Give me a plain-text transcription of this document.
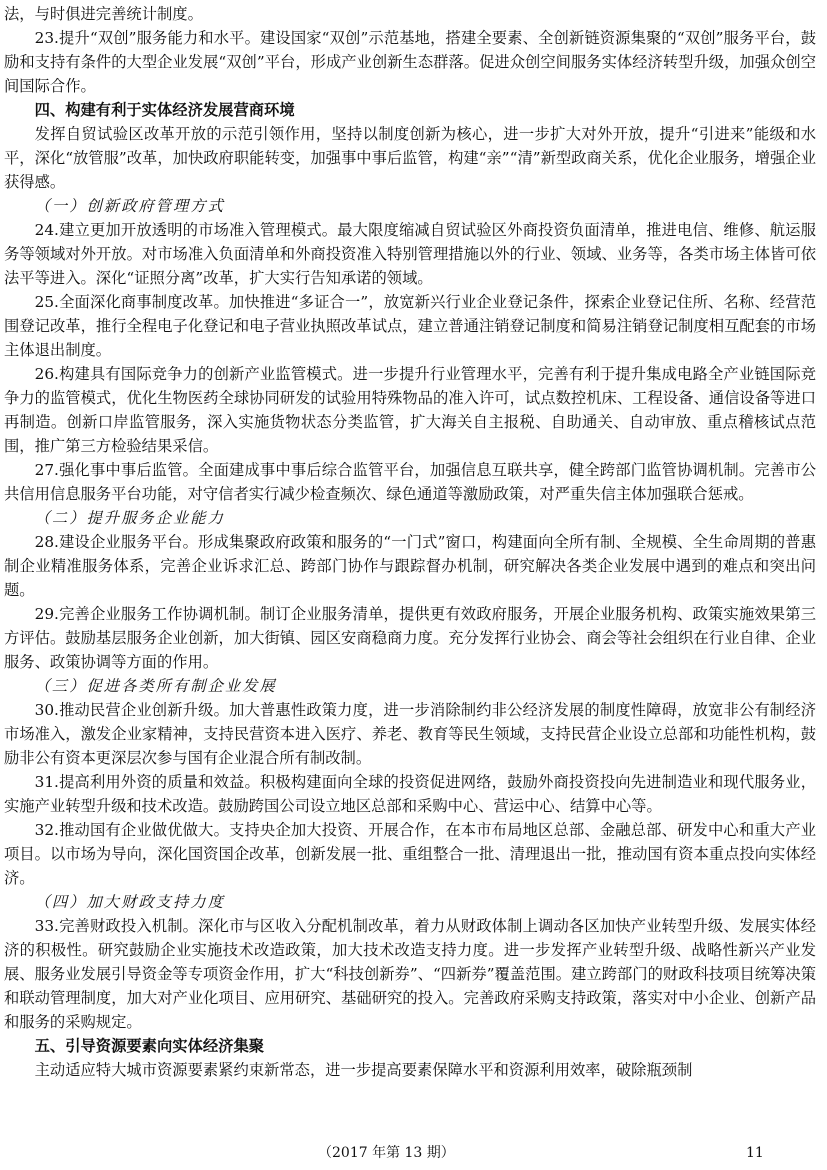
法，与时俱进完善统计制度。

23.提升“双创”服务能力和水平。建设国家“双创”示范基地，搭建全要素、全创新链资源集聚的“双创”服务平台，鼓励和支持有条件的大型企业发展“双创”平台，形成产业创新生态群落。促进众创空间服务实体经济转型升级，加强众创空间国际合作。

四、构建有利于实体经济发展营商环境

发挥自贸试验区改革开放的示范引领作用，坚持以制度创新为核心，进一步扩大对外开放，提升“引进来”能级和水平，深化“放管服”改革，加快政府职能转变，加强事中事后监管，构建“亲”“清”新型政商关系，优化企业服务，增强企业获得感。

（一）创新政府管理方式

24.建立更加开放透明的市场准入管理模式。最大限度缩减自贸试验区外商投资负面清单，推进电信、维修、航运服务等领域对外开放。对市场准入负面清单和外商投资准入特别管理措施以外的行业、领域、业务等，各类市场主体皆可依法平等进入。深化“证照分离”改革，扩大实行告知承诺的领域。

25.全面深化商事制度改革。加快推进“多证合一”，放宽新兴行业企业登记条件，探索企业登记住所、名称、经营范围登记改革，推行全程电子化登记和电子营业执照改革试点，建立普通注销登记制度和简易注销登记制度相互配套的市场主体退出制度。

26.构建具有国际竞争力的创新产业监管模式。进一步提升行业管理水平，完善有利于提升集成电路全产业链国际竞争力的监管模式，优化生物医药全球协同研发的试验用特殊物品的准入许可，试点数控机床、工程设备、通信设备等进口再制造。创新口岸监管服务，深入实施货物状态分类监管，扩大海关自主报税、自助通关、自动审放、重点稽核试点范围，推广第三方检验结果采信。

27.强化事中事后监管。全面建成事中事后综合监管平台，加强信息互联共享，健全跨部门监管协调机制。完善市公共信用信息服务平台功能，对守信者实行减少检查频次、绿色通道等激励政策，对严重失信主体加强联合惩戒。

（二）提升服务企业能力

28.建设企业服务平台。形成集聚政府政策和服务的“一门式”窗口，构建面向全所有制、全规模、全生命周期的普惠制企业精准服务体系，完善企业诉求汇总、跨部门协作与跟踪督办机制，研究解决各类企业发展中遇到的难点和突出问题。

29.完善企业服务工作协调机制。制订企业服务清单，提供更有效政府服务，开展企业服务机构、政策实施效果第三方评估。鼓励基层服务企业创新，加大街镇、园区安商稳商力度。充分发挥行业协会、商会等社会组织在行业自律、企业服务、政策协调等方面的作用。

（三）促进各类所有制企业发展

30.推动民营企业创新升级。加大普惠性政策力度，进一步消除制约非公经济发展的制度性障碍，放宽非公有制经济市场准入，激发企业家精神，支持民营资本进入医疗、养老、教育等民生领域，支持民营企业设立总部和功能性机构，鼓励非公有资本更深层次参与国有企业混合所有制改制。

31.提高利用外资的质量和效益。积极构建面向全球的投资促进网络，鼓励外商投资投向先进制造业和现代服务业，实施产业转型升级和技术改造。鼓励跨国公司设立地区总部和采购中心、营运中心、结算中心等。

32.推动国有企业做优做大。支持央企加大投资、开展合作，在本市布局地区总部、金融总部、研发中心和重大产业项目。以市场为导向，深化国资国企改革，创新发展一批、重组整合一批、清理退出一批，推动国有资本重点投向实体经济。

（四）加大财政支持力度

33.完善财政投入机制。深化市与区收入分配机制改革，着力从财政体制上调动各区加快产业转型升级、发展实体经济的积极性。研究鼓励企业实施技术改造政策，加大技术改造支持力度。进一步发挥产业转型升级、战略性新兴产业发展、服务业发展引导资金等专项资金作用，扩大“科技创新券”、“四新券”覆盖范围。建立跨部门的财政科技项目统筹决策和联动管理制度，加大对产业化项目、应用研究、基础研究的投入。完善政府采购支持政策，落实对中小企业、创新产品和服务的采购规定。

五、引导资源要素向实体经济集聚

主动适应特大城市资源要素紧约束新常态，进一步提高要素保障水平和资源利用效率，破除瓶颈制

（2017 年第 13 期）	11
